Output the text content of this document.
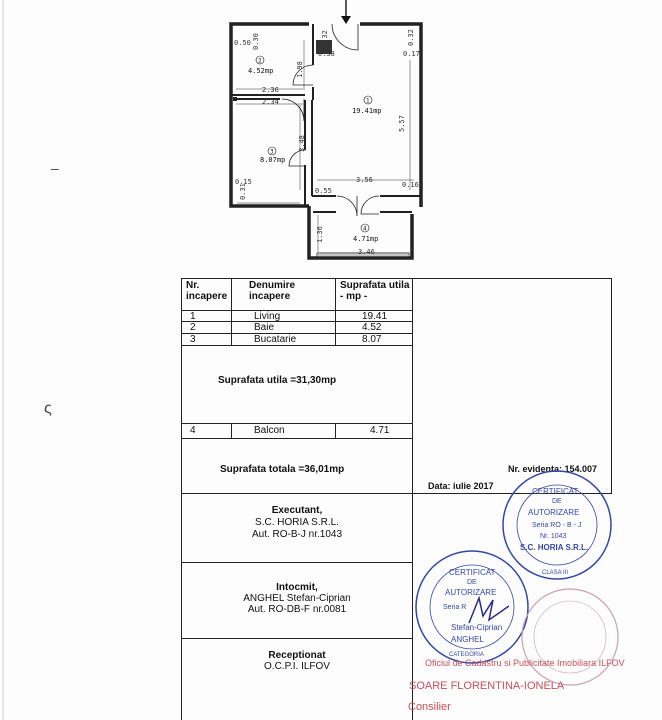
–
ς
0.50 0.30
1.98
0.32
0.38
0.32
0.17
2.36
2.34
5.57
3.48
0.15
0.31	0.55
3.56
0.16
1.36
3.46
1
19.41mp
2
4.52mp
3
8.07mp
4
4.71mp
Nr. incapere
Denumire incapere
Suprafata utila - mp -
1	Living	19.41
2	Baie	4.52
3	Bucatarie	8.07
Suprafata utila =31,30mp
4	Balcon	4.71
Suprafata totala =36,01mp	Nr. evidenta: 154.007
Data: iulie 2017
Executant,
S.C. HORIA S.R.L.
Aut. RO-B-J nr.1043
Intocmit,
ANGHEL Stefan-Ciprian
Aut. RO-DB-F nr.0081
Receptionat
O.C.P.I. ILFOV
CERTIFICAT
DE
AUTORIZARE
Seria RO - B - J
Nr. 1043
S.C. HORIA S.R.L.
CLASA III
CERTIFICAT
DE
AUTORIZARE
Seria R
Stefan-Ciprian
ANGHEL
CATEGORIA
Oficiul de Cadastru si Publicitate Imobiliara ILFOV
SOARE FLORENTINA-IONELA
Consilier
